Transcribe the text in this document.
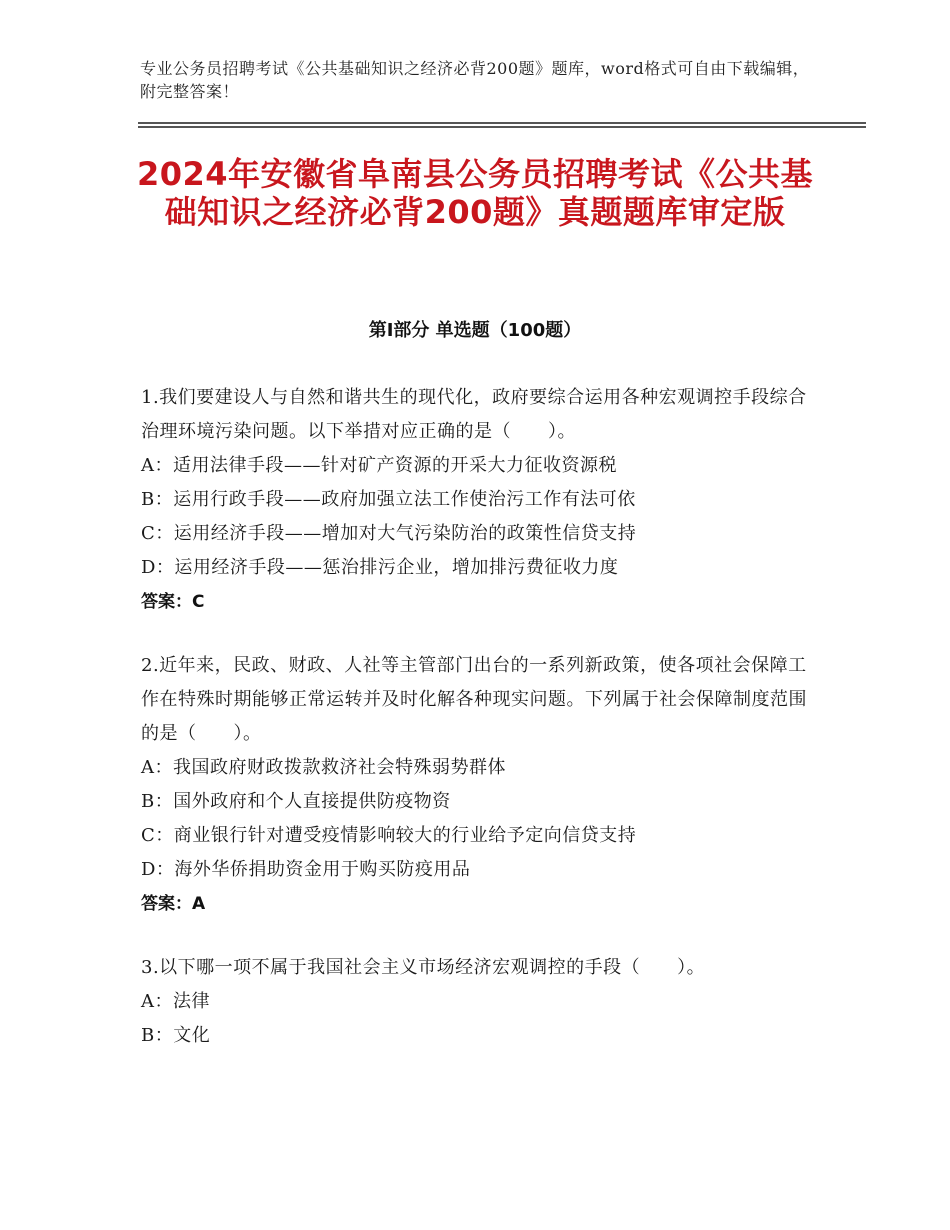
专业公务员招聘考试《公共基础知识之经济必背200题》题库，word格式可自由下载编辑，附完整答案！
2024年安徽省阜南县公务员招聘考试《公共基础知识之经济必背200题》真题题库审定版
第Ⅰ部分 单选题（100题）
1.我们要建设人与自然和谐共生的现代化，政府要综合运用各种宏观调控手段综合治理环境污染问题。以下举措对应正确的是（　　）。
A：适用法律手段——针对矿产资源的开采大力征收资源税
B：运用行政手段——政府加强立法工作使治污工作有法可依
C：运用经济手段——增加对大气污染防治的政策性信贷支持
D：运用经济手段——惩治排污企业，增加排污费征收力度
答案：C
2.近年来，民政、财政、人社等主管部门出台的一系列新政策，使各项社会保障工作在特殊时期能够正常运转并及时化解各种现实问题。下列属于社会保障制度范围的是（　　）。
A：我国政府财政拨款救济社会特殊弱势群体
B：国外政府和个人直接提供防疫物资
C：商业银行针对遭受疫情影响较大的行业给予定向信贷支持
D：海外华侨捐助资金用于购买防疫用品
答案：A
3.以下哪一项不属于我国社会主义市场经济宏观调控的手段（　　）。
A：法律
B：文化
